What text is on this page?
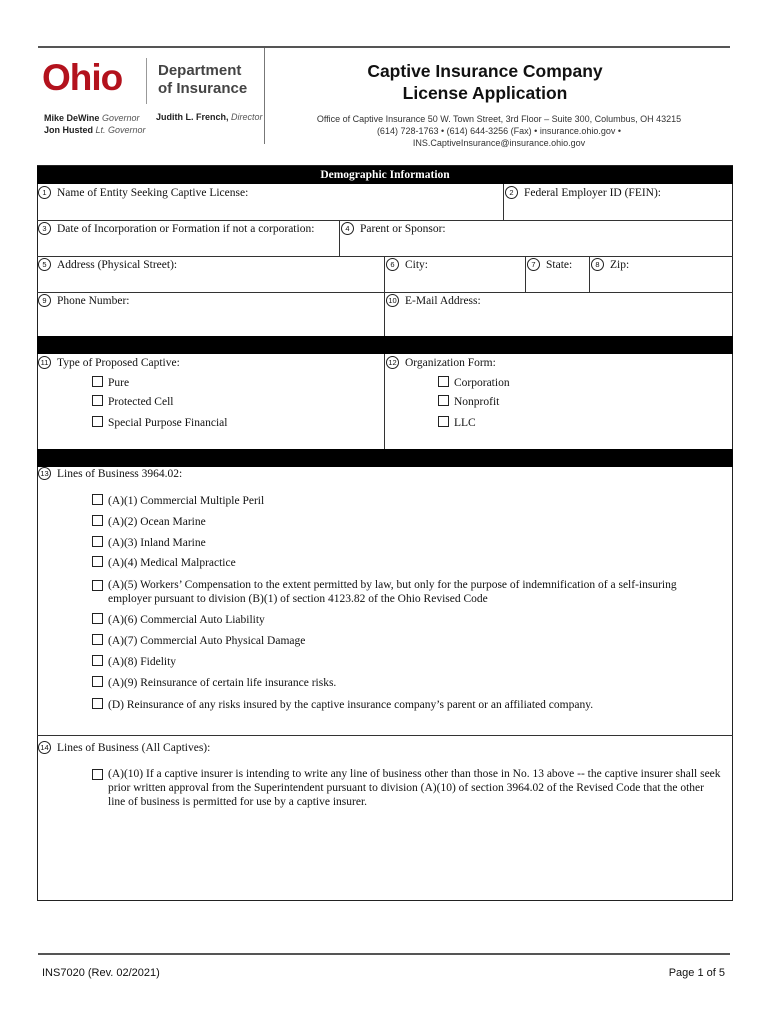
Ohio Department
of Insurance
Mike DeWine Governor
Jon Husted Lt. Governor
Judith L. French, Director
Captive Insurance Company
License Application
Office of Captive Insurance 50 W. Town Street, 3rd Floor – Suite 300, Columbus, OH 43215
(614) 728-1763 • (614) 644-3256 (Fax) • insurance.ohio.gov • INS.CaptiveInsurance@insurance.ohio.gov
Demographic Information
1 Name of Entity Seeking Captive License:	2 Federal Employer ID (FEIN):
3 Date of Incorporation or Formation if not a corporation:	4 Parent or Sponsor:
5 Address (Physical Street):	6 City:	7 State:	8 Zip:
9 Phone Number:	10 E-Mail Address:
11 Type of Proposed Captive:	12 Organization Form:
Pure
Protected Cell
Special Purpose Financial
Corporation
Nonprofit
LLC
13 Lines of Business 3964.02:
(A)(1) Commercial Multiple Peril
(A)(2) Ocean Marine
(A)(3) Inland Marine
(A)(4) Medical Malpractice
(A)(5) Workers’ Compensation to the extent permitted by law, but only for the purpose of indemnification of a self-insuring employer pursuant to division (B)(1) of section 4123.82 of the Ohio Revised Code
(A)(6) Commercial Auto Liability
(A)(7) Commercial Auto Physical Damage
(A)(8) Fidelity
(A)(9) Reinsurance of certain life insurance risks.
(D) Reinsurance of any risks insured by the captive insurance company’s parent or an affiliated company.
14 Lines of Business (All Captives):
(A)(10) If a captive insurer is intending to write any line of business other than those in No. 13 above -- the captive insurer shall seek prior written approval from the Superintendent pursuant to division (A)(10) of section 3964.02 of the Revised Code that the other line of business is permitted for use by a captive insurer.
INS7020 (Rev. 02/2021)	Page 1 of 5
